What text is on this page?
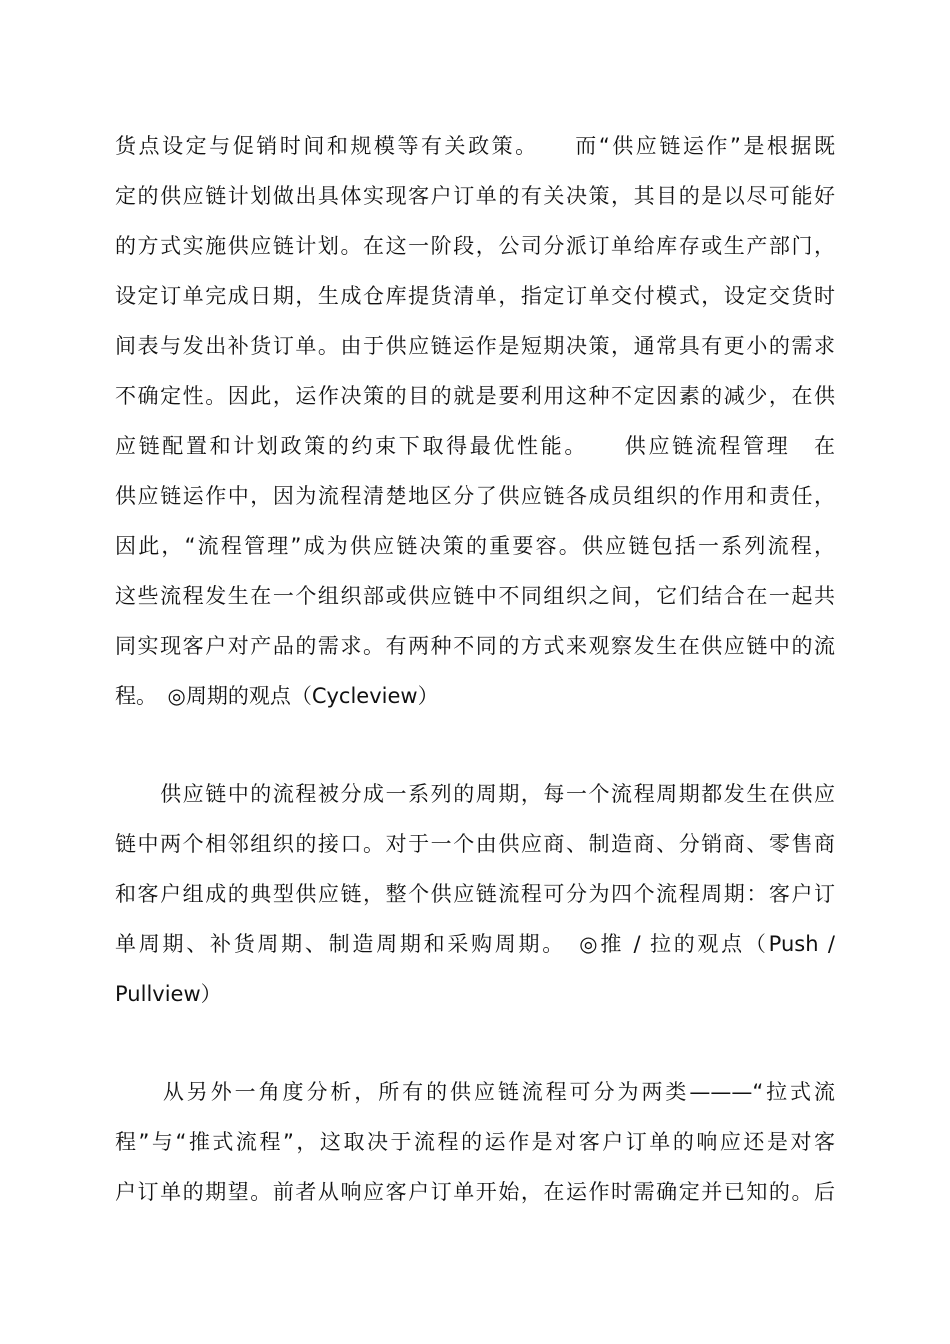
货点设定与促销时间和规模等有关政策。　　而“供应链运作”是根据既
定的供应链计划做出具体实现客户订单的有关决策，其目的是以尽可能好
的方式实施供应链计划。在这一阶段，公司分派订单给库存或生产部门，
设定订单完成日期，生成仓库提货清单，指定订单交付模式，设定交货时
间表与发出补货订单。由于供应链运作是短期决策，通常具有更小的需求
不确定性。因此，运作决策的目的就是要利用这种不定因素的减少，在供
应链配置和计划政策的约束下取得最优性能。　　供应链流程管理　在
供应链运作中，因为流程清楚地区分了供应链各成员组织的作用和责任，
因此，“流程管理”成为供应链决策的重要容。供应链包括一系列流程，
这些流程发生在一个组织部或供应链中不同组织之间，它们结合在一起共
同实现客户对产品的需求。有两种不同的方式来观察发生在供应链中的流
程。　◎周期的观点（Cycleview）
　　供应链中的流程被分成一系列的周期，每一个流程周期都发生在供应
链中两个相邻组织的接口。对于一个由供应商、制造商、分销商、零售商
和客户组成的典型供应链，整个供应链流程可分为四个流程周期：客户订
单周期、补货周期、制造周期和采购周期。　◎推 / 拉的观点（Push /
Pullview）
　　从另外一角度分析，所有的供应链流程可分为两类———“拉式流
程”与“推式流程”，这取决于流程的运作是对客户订单的响应还是对客
户订单的期望。前者从响应客户订单开始，在运作时需确定并已知的。后
